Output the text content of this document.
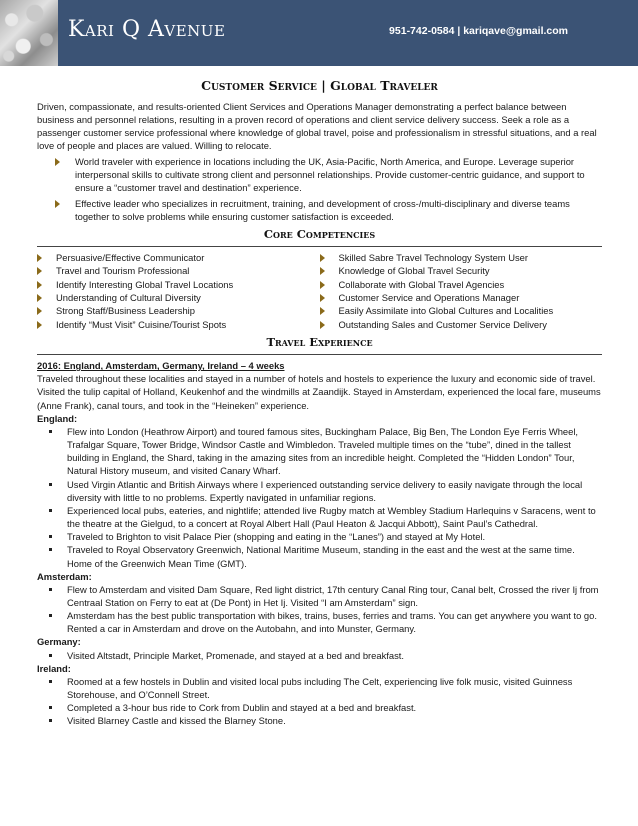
Kari Q Avenue	951-742-0584 | kariqave@gmail.com
Customer Service | Global Traveler

Driven, compassionate, and results-oriented Client Services and Operations Manager demonstrating a perfect balance between business and personnel relations, resulting in a proven record of operations and client service delivery success. Seek a role as a passenger customer service professional where knowledge of global travel, poise and professionalism in stressful situations, and a real love of people and places are valued. Willing to relocate.

World traveler with experience in locations including the UK, Asia-Pacific, North America, and Europe. Leverage superior interpersonal skills to cultivate strong client and personnel relationships. Provide customer-centric guidance, and support to ensure a “customer travel and destination” experience.
Effective leader who specializes in recruitment, training, and development of cross-/multi-disciplinary and diverse teams together to solve problems while ensuring customer satisfaction is exceeded.
Core Competencies
Persuasive/Effective Communicator
Travel and Tourism Professional
Identify Interesting Global Travel Locations
Understanding of Cultural Diversity
Strong Staff/Business Leadership
Identify “Must Visit” Cuisine/Tourist Spots
Skilled Sabre Travel Technology System User
Knowledge of Global Travel Security
Collaborate with Global Travel Agencies
Customer Service and Operations Manager
Easily Assimilate into Global Cultures and Localities
Outstanding Sales and Customer Service Delivery
Travel Experience
2016: England, Amsterdam, Germany, Ireland – 4 weeks

Traveled throughout these localities and stayed in a number of hotels and hostels to experience the luxury and economic side of travel. Visited the tulip capital of Holland, Keukenhof and the windmills at Zaandijk. Stayed in Amsterdam, experienced the local fare, museums (Anne Frank), canal tours, and took in the “Heineken” experience.

England:
Flew into London (Heathrow Airport) and toured famous sites, Buckingham Palace, Big Ben, The London Eye Ferris Wheel, Trafalgar Square, Tower Bridge, Windsor Castle and Wimbledon. Traveled multiple times on the “tube”, dined in the tallest building in England, the Shard, taking in the amazing sites from an incredible height. Completed the “Hidden London” Tour, Natural History museum, and visited Canary Wharf.
Used Virgin Atlantic and British Airways where I experienced outstanding service delivery to easily navigate through the local diversity with little to no problems. Expertly navigated in unfamiliar regions.
Experienced local pubs, eateries, and nightlife; attended live Rugby match at Wembley Stadium Harlequins v Saracens, went to the theatre at the Gielgud, to a concert at Royal Albert Hall (Paul Heaton & Jacqui Abbott), Saint Paul’s Cathedral.
Traveled to Brighton to visit Palace Pier (shopping and eating in the “Lanes”) and stayed at My Hotel.
Traveled to Royal Observatory Greenwich, National Maritime Museum, standing in the east and the west at the same time. Home of the Greenwich Mean Time (GMT).
Amsterdam:
Flew to Amsterdam and visited Dam Square, Red light district, 17th century Canal Ring tour, Canal belt, Crossed the river Ij from Centraal Station on Ferry to eat at (De Pont) in Het Ij. Visited “I am Amsterdam” sign.
Amsterdam has the best public transportation with bikes, trains, buses, ferries and trams. You can get anywhere you want to go. Rented a car in Amsterdam and drove on the Autobahn, and into Munster, Germany.
Germany:
Visited Altstadt, Principle Market, Promenade, and stayed at a bed and breakfast.
Ireland:
Roomed at a few hostels in Dublin and visited local pubs including The Celt, experiencing live folk music, visited Guinness Storehouse, and O’Connell Street.
Completed a 3-hour bus ride to Cork from Dublin and stayed at a bed and breakfast.
Visited Blarney Castle and kissed the Blarney Stone.
